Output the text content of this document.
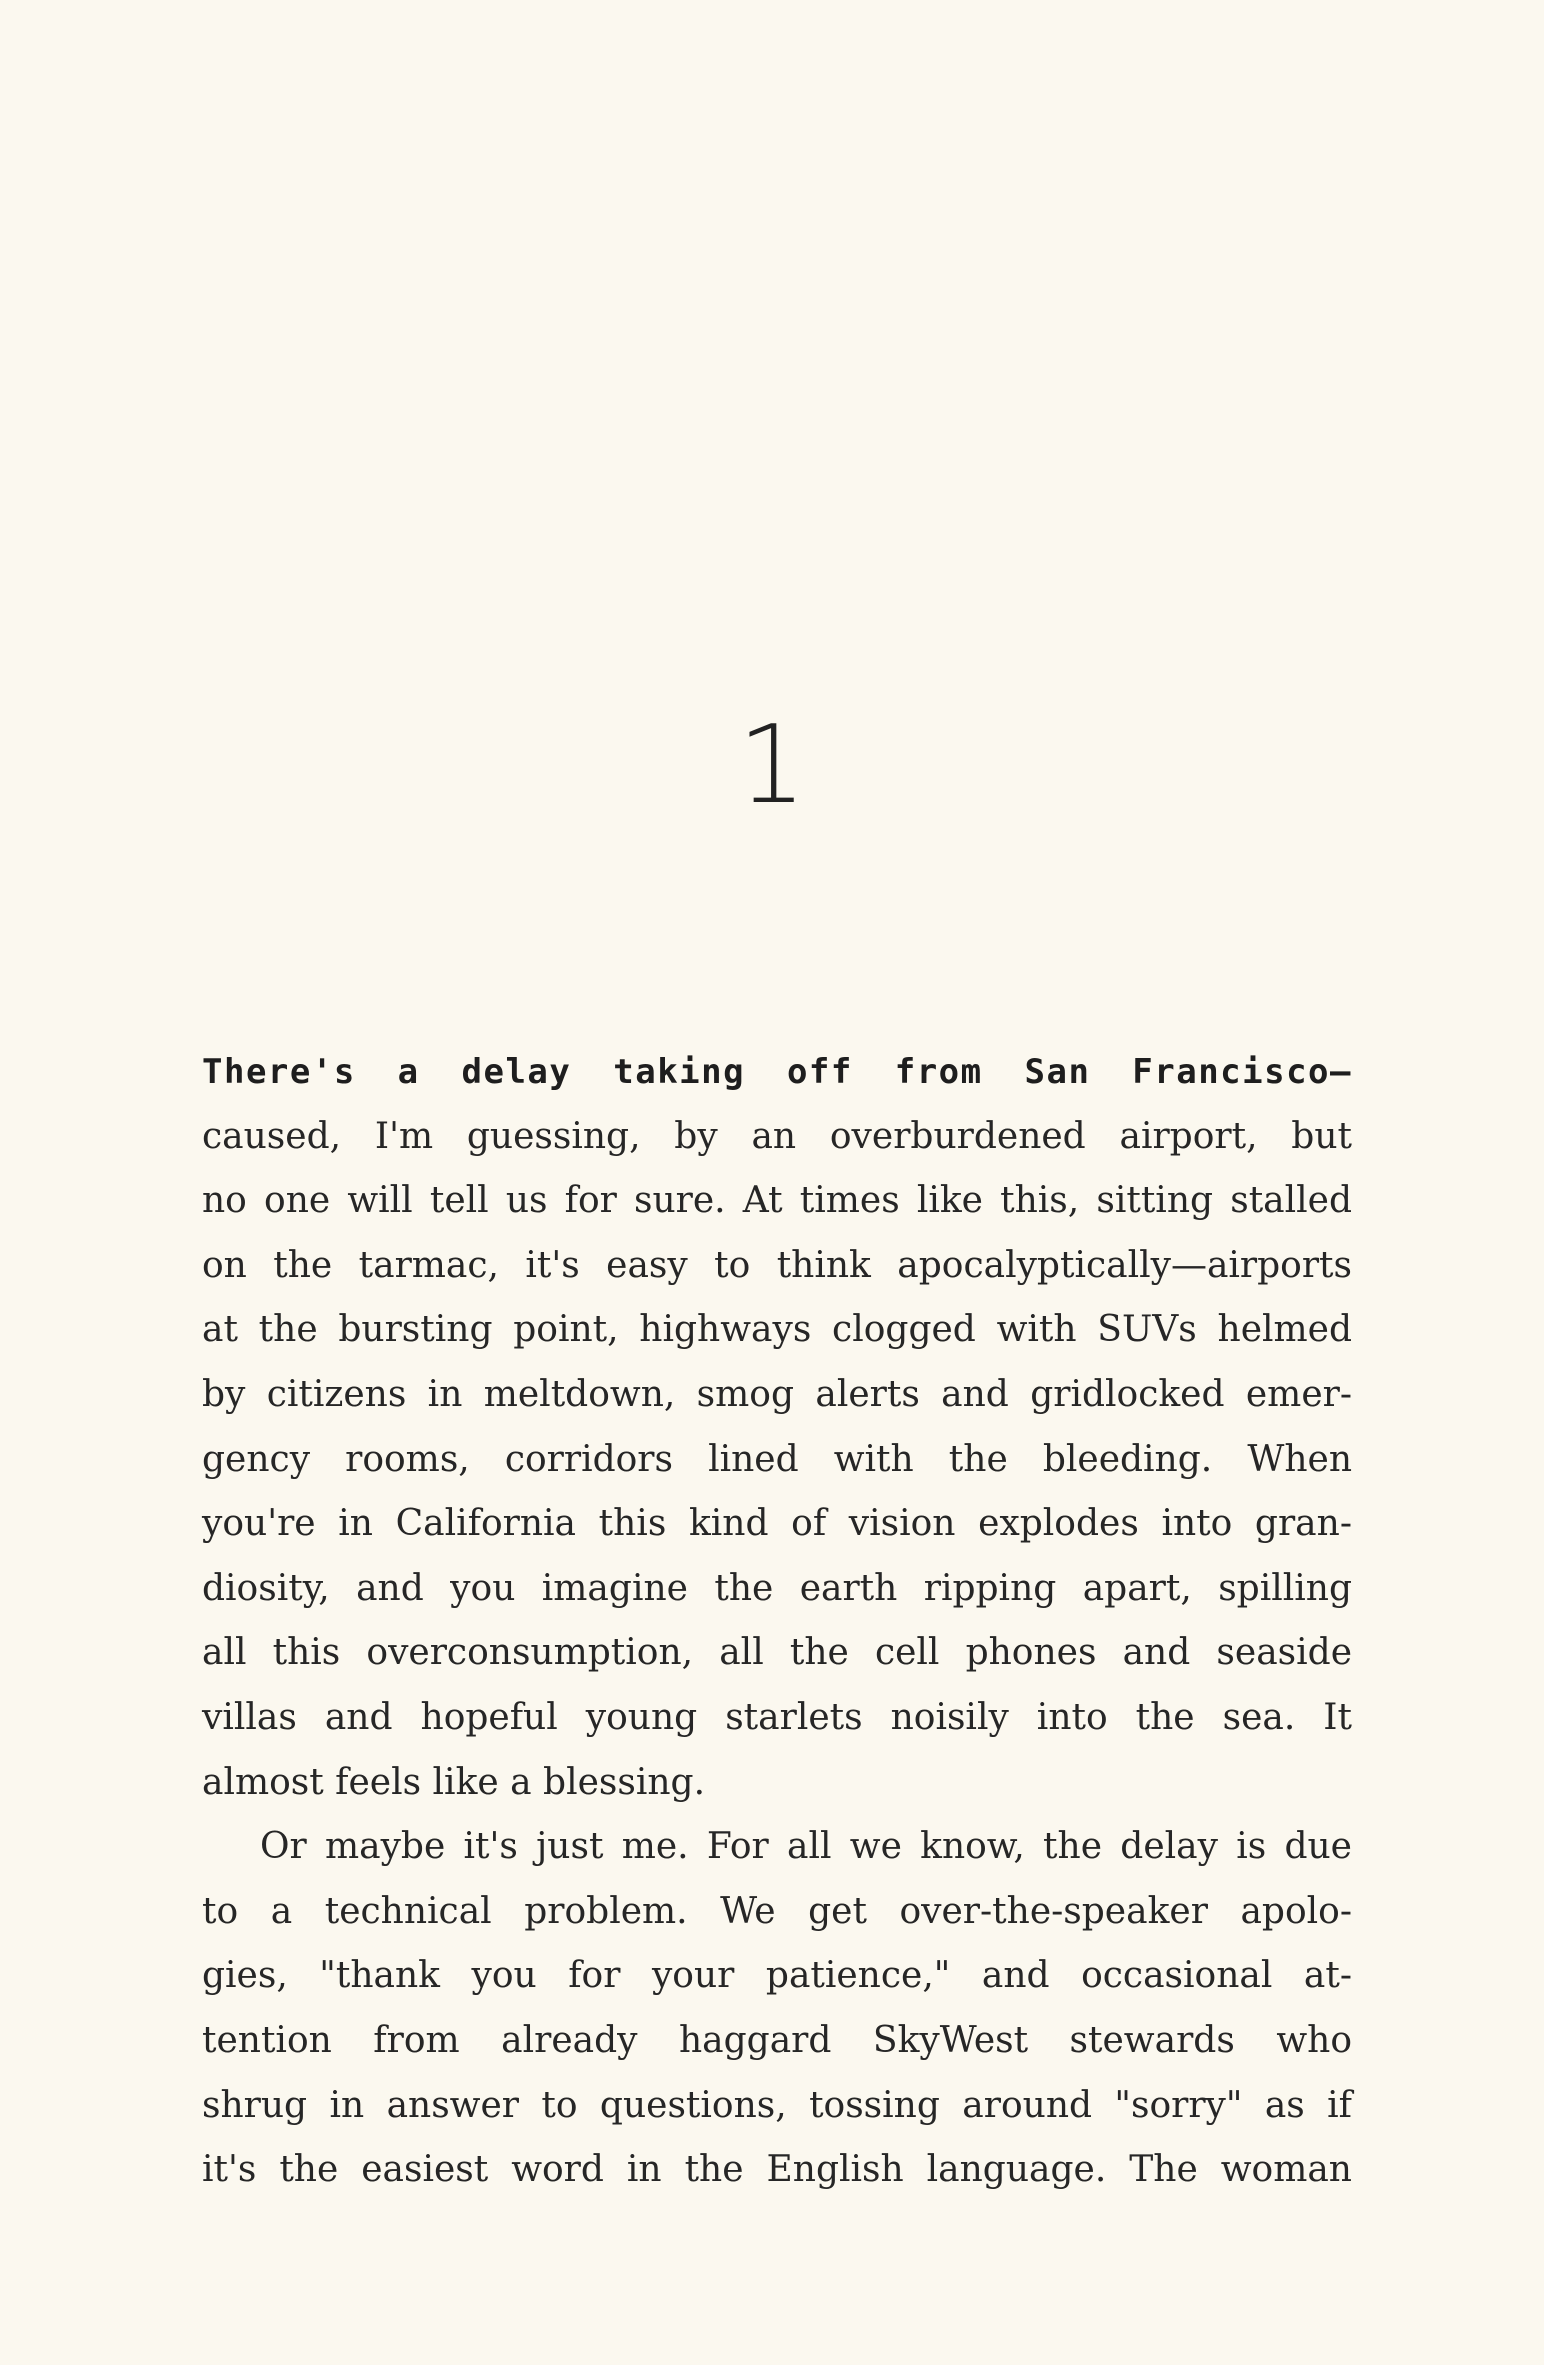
1
There's a delay taking off from San Francisco—
caused, I'm guessing, by an overburdened airport, but
no one will tell us for sure. At times like this, sitting stalled
on the tarmac, it's easy to think apocalyptically—airports
at the bursting point, highways clogged with SUVs helmed
by citizens in meltdown, smog alerts and gridlocked emer-
gency rooms, corridors lined with the bleeding. When
you're in California this kind of vision explodes into gran-
diosity, and you imagine the earth ripping apart, spilling
all this overconsumption, all the cell phones and seaside
villas and hopeful young starlets noisily into the sea. It
almost feels like a blessing.
Or maybe it's just me. For all we know, the delay is due
to a technical problem. We get over-the-speaker apolo-
gies, "thank you for your patience," and occasional at-
tention from already haggard SkyWest stewards who
shrug in answer to questions, tossing around "sorry" as if
it's the easiest word in the English language. The woman
